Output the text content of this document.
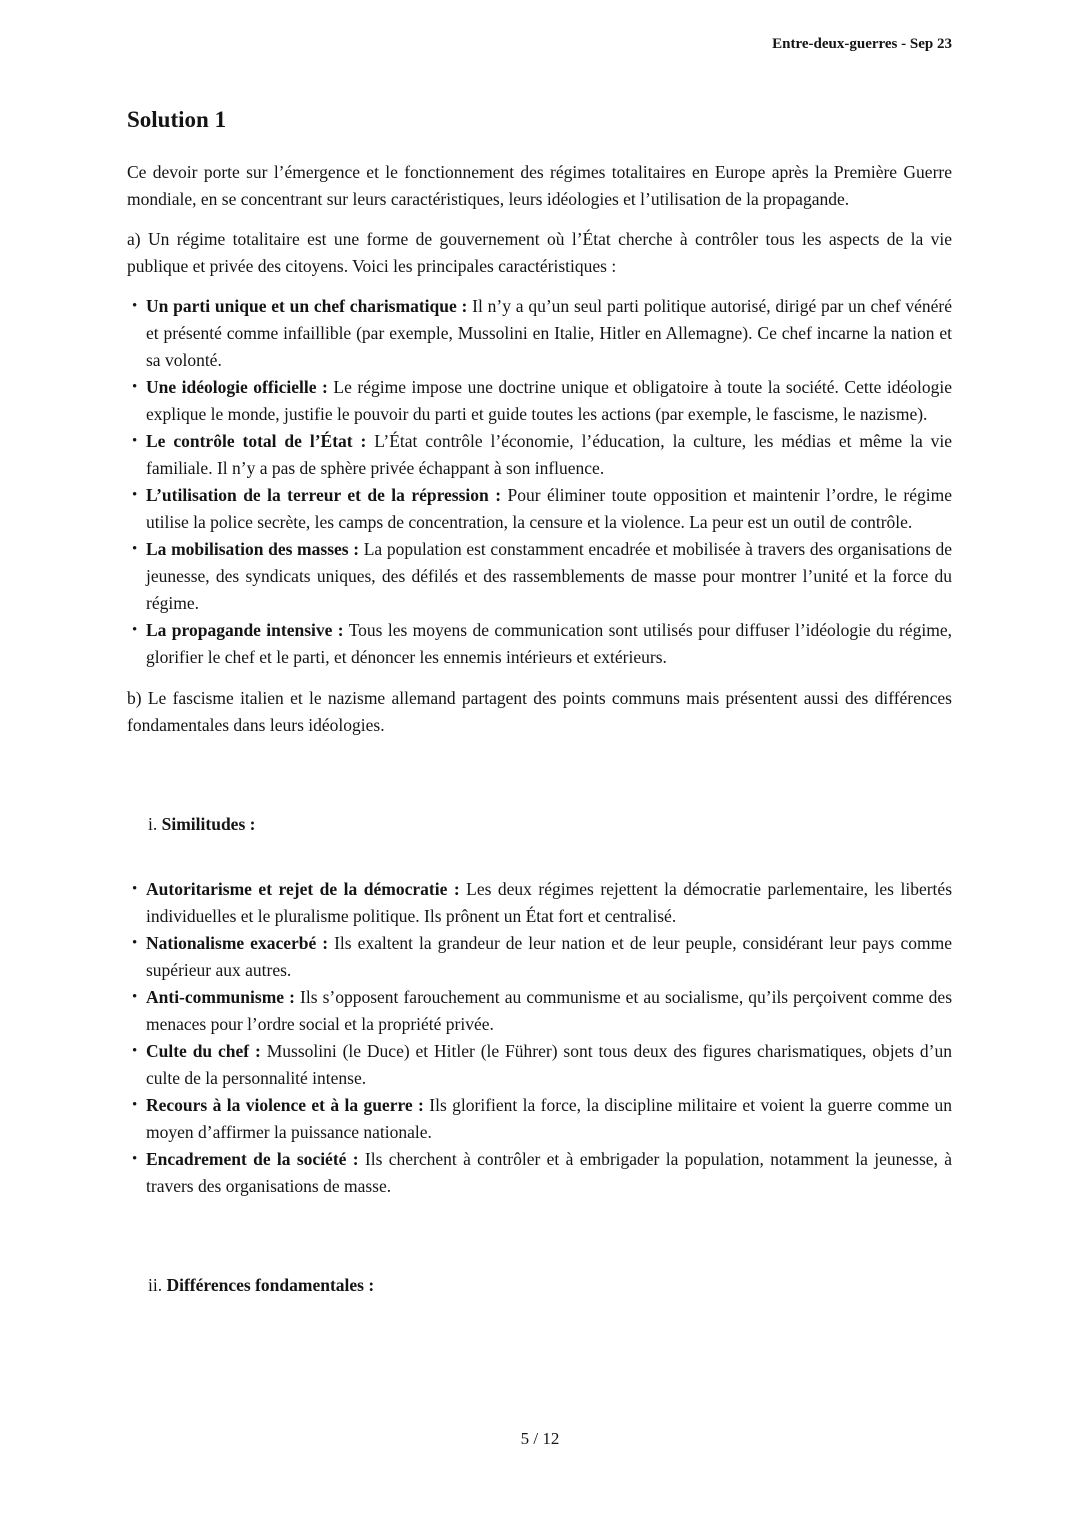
Entre-deux-guerres - Sep 23
Solution 1

Ce devoir porte sur l’émergence et le fonctionnement des régimes totalitaires en Europe après la Première Guerre mondiale, en se concentrant sur leurs caractéristiques, leurs idéologies et l’utilisation de la propagande.

a) Un régime totalitaire est une forme de gouvernement où l’État cherche à contrôler tous les aspects de la vie publique et privée des citoyens. Voici les principales caractéristiques :

• Un parti unique et un chef charismatique : Il n’y a qu’un seul parti politique autorisé, dirigé par un chef vénéré et présenté comme infaillible (par exemple, Mussolini en Italie, Hitler en Allemagne). Ce chef incarne la nation et sa volonté.
• Une idéologie officielle : Le régime impose une doctrine unique et obligatoire à toute la société. Cette idéologie explique le monde, justifie le pouvoir du parti et guide toutes les actions (par exemple, le fascisme, le nazisme).
• Le contrôle total de l’État : L’État contrôle l’économie, l’éducation, la culture, les médias et même la vie familiale. Il n’y a pas de sphère privée échappant à son influence.
• L’utilisation de la terreur et de la répression : Pour éliminer toute opposition et maintenir l’ordre, le régime utilise la police secrète, les camps de concentration, la censure et la violence. La peur est un outil de contrôle.
• La mobilisation des masses : La population est constamment encadrée et mobilisée à travers des organisations de jeunesse, des syndicats uniques, des défilés et des rassemblements de masse pour montrer l’unité et la force du régime.
• La propagande intensive : Tous les moyens de communication sont utilisés pour diffuser l’idéologie du régime, glorifier le chef et le parti, et dénoncer les ennemis intérieurs et extérieurs.

b) Le fascisme italien et le nazisme allemand partagent des points communs mais présentent aussi des différences fondamentales dans leurs idéologies.

i. Similitudes :
• Autoritarisme et rejet de la démocratie : Les deux régimes rejettent la démocratie parlementaire, les libertés individuelles et le pluralisme politique. Ils prônent un État fort et centralisé.
• Nationalisme exacerbé : Ils exaltent la grandeur de leur nation et de leur peuple, considérant leur pays comme supérieur aux autres.
• Anti-communisme : Ils s’opposent farouchement au communisme et au socialisme, qu’ils perçoivent comme des menaces pour l’ordre social et la propriété privée.
• Culte du chef : Mussolini (le Duce) et Hitler (le Führer) sont tous deux des figures charismatiques, objets d’un culte de la personnalité intense.
• Recours à la violence et à la guerre : Ils glorifient la force, la discipline militaire et voient la guerre comme un moyen d’affirmer la puissance nationale.
• Encadrement de la société : Ils cherchent à contrôler et à embrigader la population, notamment la jeunesse, à travers des organisations de masse.
ii. Différences fondamentales :
5 / 12
